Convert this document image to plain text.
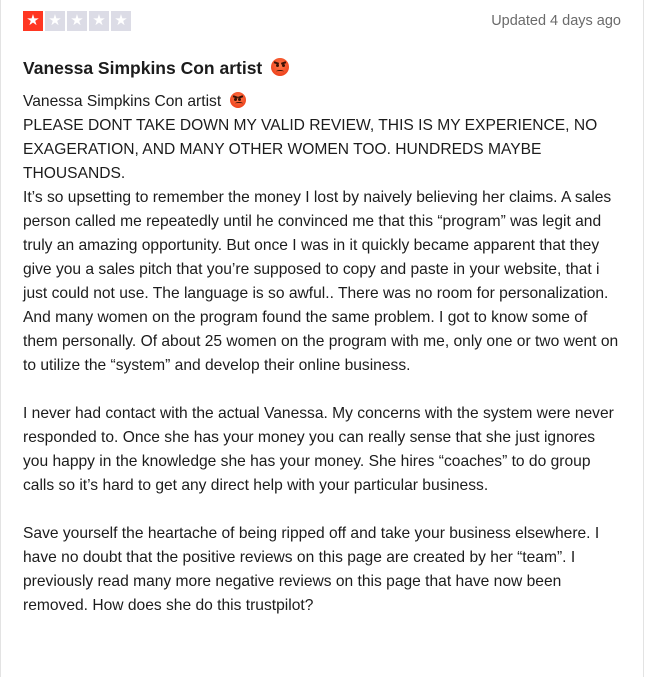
★ ★ ★ ★ ★	Updated 4 days ago
Vanessa Simpkins Con artist

Vanessa Simpkins Con artist

PLEASE DONT TAKE DOWN MY VALID REVIEW, THIS IS MY EXPERIENCE, NO EXAGERATION, AND MANY OTHER WOMEN TOO. HUNDREDS MAYBE THOUSANDS.

It’s so upsetting to remember the money I lost by naively believing her claims. A sales person called me repeatedly until he convinced me that this “program” was legit and truly an amazing opportunity. But once I was in it quickly became apparent that they give you a sales pitch that you’re supposed to copy and paste in your website, that i just could not use. The language is so awful.. There was no room for personalization. And many women on the program found the same problem. I got to know some of them personally. Of about 25 women on the program with me, only one or two went on to utilize the “system” and develop their online business.

I never had contact with the actual Vanessa. My concerns with the system were never responded to. Once she has your money you can really sense that she just ignores you happy in the knowledge she has your money. She hires “coaches” to do group calls so it’s hard to get any direct help with your particular business.

Save yourself the heartache of being ripped off and take your business elsewhere. I have no doubt that the positive reviews on this page are created by her “team”. I previously read many more negative reviews on this page that have now been removed. How does she do this trustpilot?
